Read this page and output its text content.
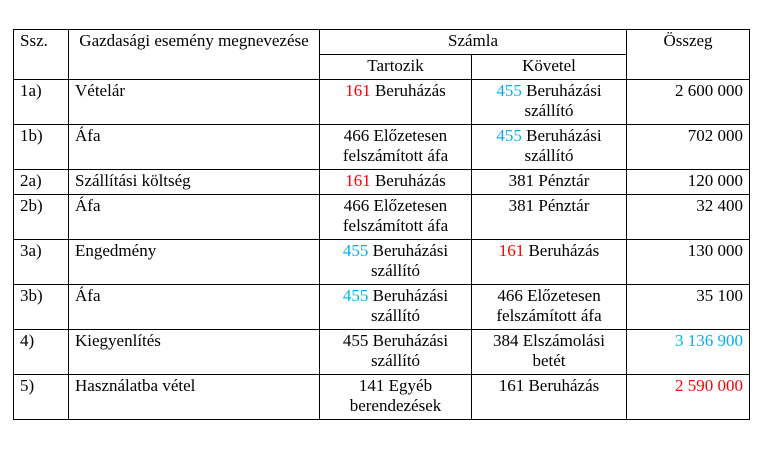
Ssz.	Gazdasági esemény megnevezése	Számla		Összeg
		Tartozik	Követel	
1a)	Vételár	161 Beruházás	455 Beruházási szállító	2 600 000
1b)	Áfa	466 Előzetesen felszámított áfa	455 Beruházási szállító	702 000
2a)	Szállítási költség	161 Beruházás	381 Pénztár	120 000
2b)	Áfa	466 Előzetesen felszámított áfa	381 Pénztár	32 400
3a)	Engedmény	455 Beruházási szállító	161 Beruházás	130 000
3b)	Áfa	455 Beruházási szállító	466 Előzetesen felszámított áfa	35 100
4)	Kiegyenlítés	455 Beruházási szállító	384 Elszámolási betét	3 136 900
5)	Használatba vétel	141 Egyéb berendezések	161 Beruházás	2 590 000
